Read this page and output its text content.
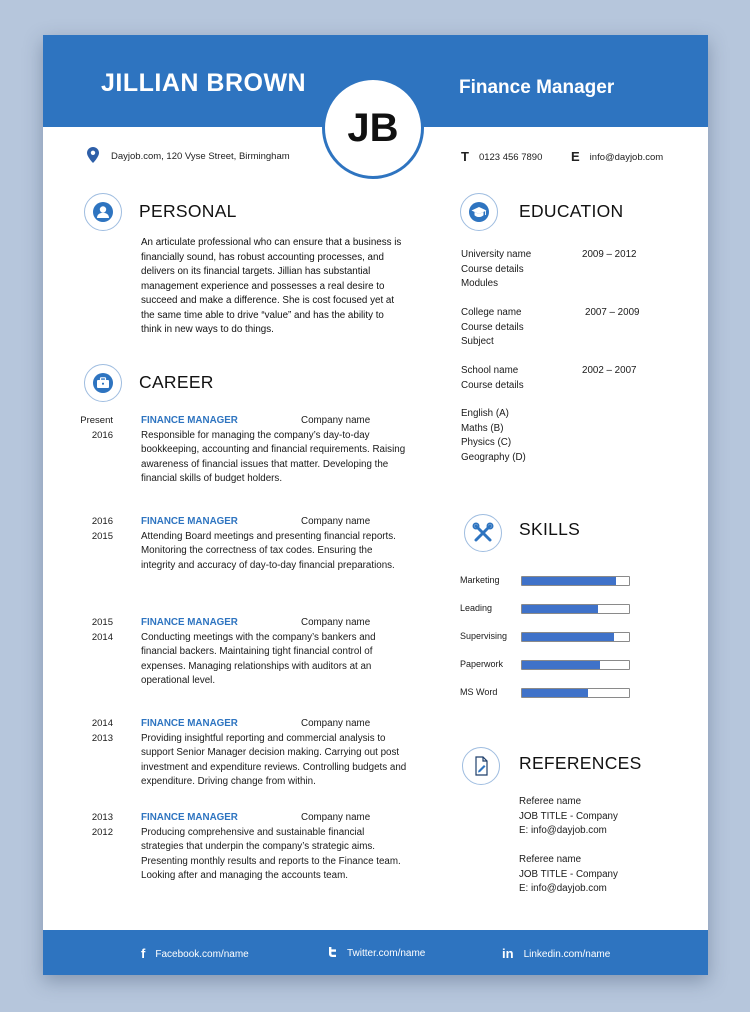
JILLIAN BROWN	Finance Manager
JB
Dayjob.com, 120 Vyse Street, Birmingham	T 0123 456 7890 E info@dayjob.com
PERSONAL
An articulate professional who can ensure that a business is financially sound, has robust accounting processes, and delivers on its financial targets. Jillian has substantial management experience and possesses a real desire to succeed and make a difference. She is cost focused yet at the same time able to drive “value” and has the ability to think in new ways to do things.
CAREER
Present
2016
FINANCE MANAGER	Company name
Responsible for managing the company’s day-to-day bookkeeping, accounting and financial requirements. Raising awareness of financial issues that matter. Developing the financial skills of budget holders.
2016
2015
FINANCE MANAGER	Company name
Attending Board meetings and presenting financial reports. Monitoring the correctness of tax codes. Ensuring the integrity and accuracy of day-to-day financial preparations.
2015
2014
FINANCE MANAGER	Company name
Conducting meetings with the company’s bankers and financial backers. Maintaining tight financial control of expenses. Managing relationships with auditors at an operational level.
2014
2013
FINANCE MANAGER	Company name
Providing insightful reporting and commercial analysis to support Senior Manager decision making. Carrying out post investment and expenditure reviews. Controlling budgets and expenditure. Driving change from within.
2013
2012
FINANCE MANAGER	Company name
Producing comprehensive and sustainable financial strategies that underpin the company’s strategic aims. Presenting monthly results and reports to the Finance team. Looking after and managing the accounts team.
EDUCATION
University name
Course details
Modules
2009 – 2012
College name
Course details
Subject
2007 – 2009
School name
Course details
2002 – 2007
English (A)
Maths (B)
Physics (C)
Geography (D)
SKILLS
Marketing
Leading
Supervising
Paperwork
MS Word
REFERENCES
Referee name
JOB TITLE - Company
E: info@dayjob.com
Referee name
JOB TITLE - Company
E: info@dayjob.com
f Facebook.com/name	Twitter.com/name	in Linkedin.com/name
